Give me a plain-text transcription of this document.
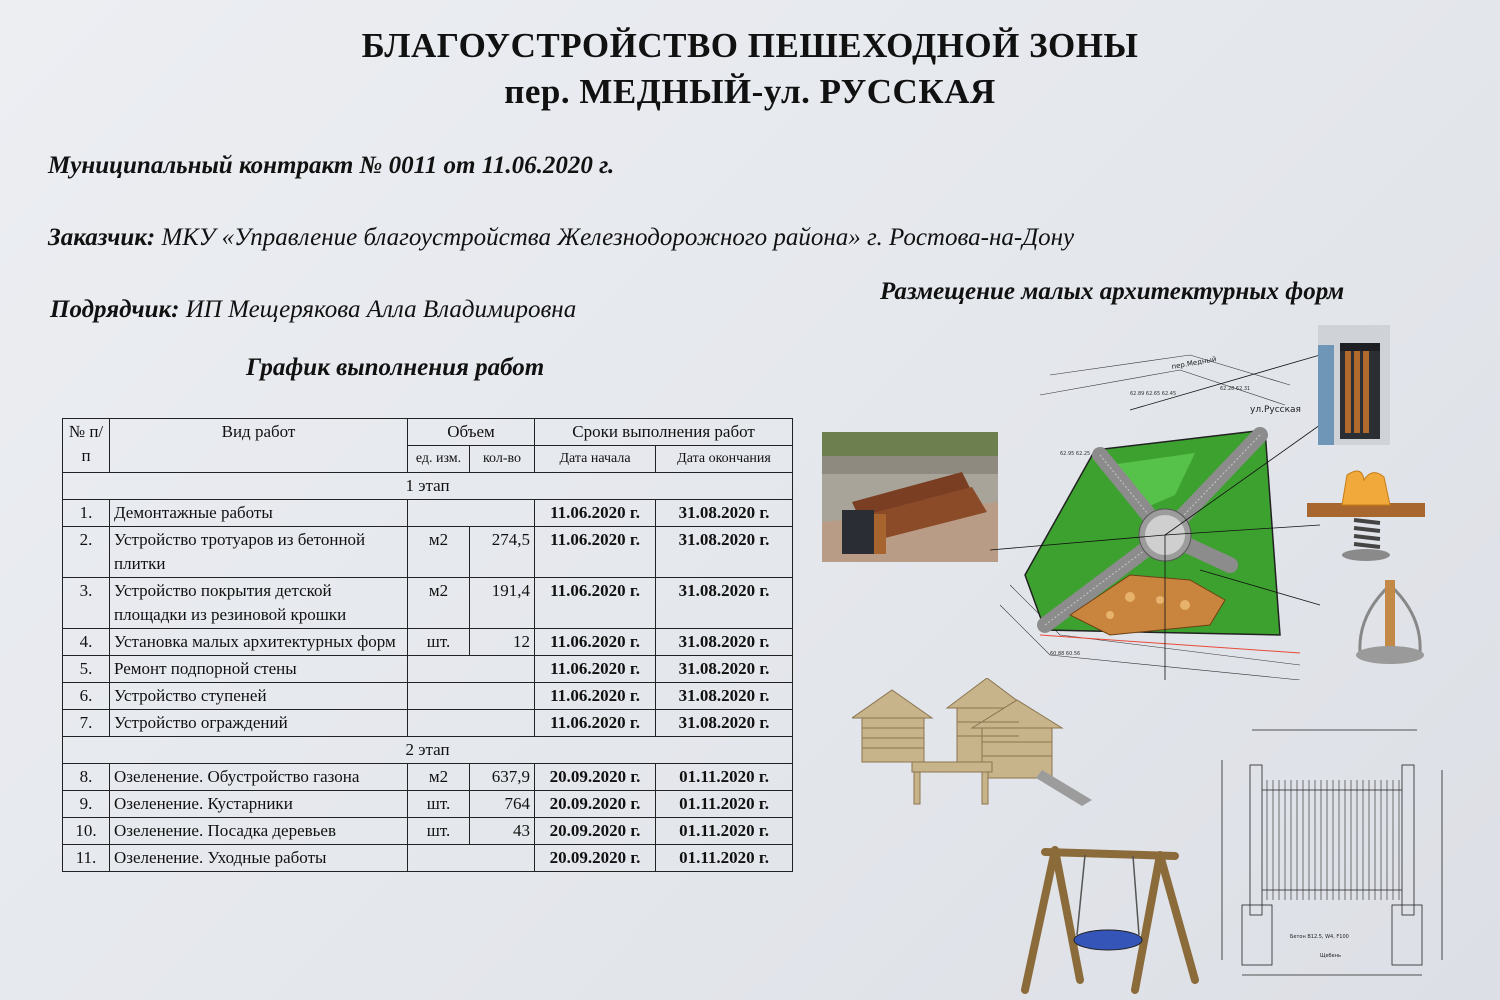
БЛАГОУСТРОЙСТВО ПЕШЕХОДНОЙ ЗОНЫ
пер. МЕДНЫЙ-ул. РУССКАЯ
Муниципальный контракт № 0011 от 11.06.2020 г.
Заказчик: МКУ «Управление благоустройства Железнодорожного района» г. Ростова-на-Дону
Подрядчик: ИП Мещерякова Алла Владимировна
График выполнения работ
Размещение малых архитектурных форм
№ п/п	Вид работ	Объем		Сроки выполнения работ	
		ед. изм.	кол-во	Дата начала	Дата окончания
1 этап					
1.	Демонтажные работы			11.06.2020 г.	31.08.2020 г.
2.	Устройство тротуаров из бетонной плитки	м2	274,5	11.06.2020 г.	31.08.2020 г.
3.	Устройство покрытия детской площадки из резиновой крошки	м2	191,4	11.06.2020 г.	31.08.2020 г.
4.	Установка малых архитектурных форм	шт.	12	11.06.2020 г.	31.08.2020 г.
5.	Ремонт подпорной стены			11.06.2020 г.	31.08.2020 г.
6.	Устройство ступеней			11.06.2020 г.	31.08.2020 г.
7.	Устройство ограждений			11.06.2020 г.	31.08.2020 г.
2 этап					
8.	Озеленение. Обустройство газона	м2	637,9	20.09.2020 г.	01.11.2020 г.
9.	Озеленение. Кустарники	шт.	764	20.09.2020 г.	01.11.2020 г.
10.	Озеленение. Посадка деревьев	шт.	43	20.09.2020 г.	01.11.2020 г.
11.	Озеленение. Уходные работы			20.09.2020 г.	01.11.2020 г.
ул.Русская
пер.Медный
62.89 62.65 62.45
62.28 62.31
62.95 62.25
60.88 60.56
Бетон B12.5, W4, F100
Щебень
